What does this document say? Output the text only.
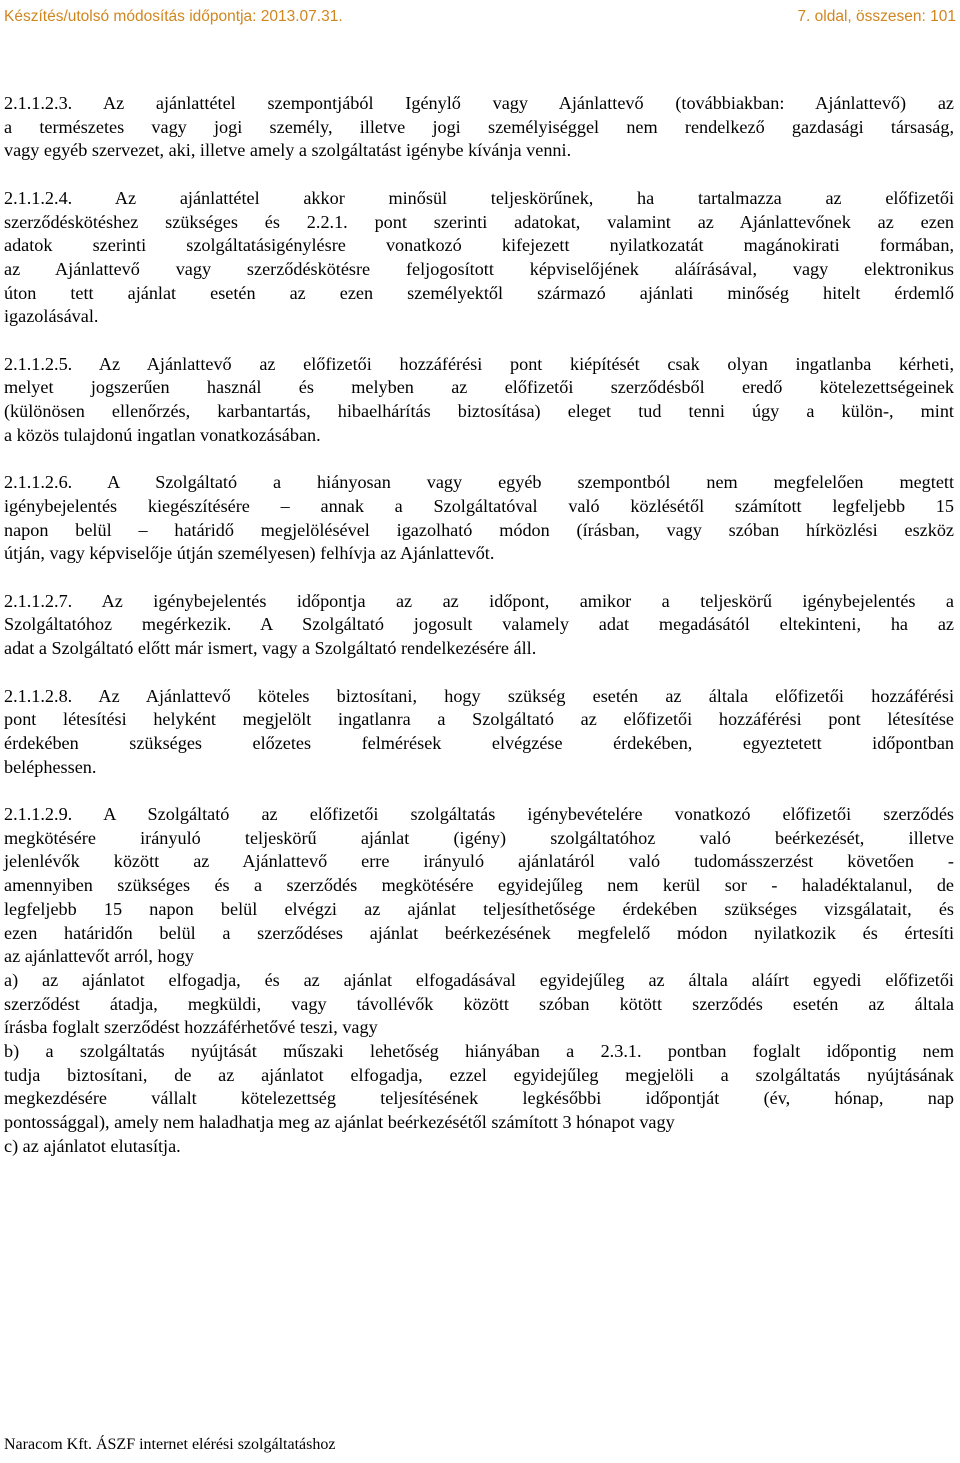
Készítés/utolsó módosítás időpontja: 2013.07.31.	7. oldal, összesen: 101
2.1.1.2.3. Az ajánlattétel szempontjából Igénylő vagy Ajánlattevő (továbbiakban: Ajánlattevő) az
a természetes vagy jogi személy, illetve jogi személyiséggel nem rendelkező gazdasági társaság,
vagy egyéb szervezet, aki, illetve amely a szolgáltatást igénybe kívánja venni.
2.1.1.2.4. Az ajánlattétel akkor minősül teljeskörűnek, ha tartalmazza az előfizetői
szerződéskötéshez szükséges és 2.2.1. pont szerinti adatokat, valamint az Ajánlattevőnek az ezen
adatok szerinti szolgáltatásigénylésre vonatkozó kifejezett nyilatkozatát magánokirati formában,
az Ajánlattevő vagy szerződéskötésre feljogosított képviselőjének aláírásával, vagy elektronikus
úton tett ajánlat esetén az ezen személyektől származó ajánlati minőség hitelt érdemlő
igazolásával.
2.1.1.2.5. Az Ajánlattevő az előfizetői hozzáférési pont kiépítését csak olyan ingatlanba kérheti,
melyet jogszerűen használ és melyben az előfizetői szerződésből eredő kötelezettségeinek
(különösen ellenőrzés, karbantartás, hibaelhárítás biztosítása) eleget tud tenni úgy a külön-, mint
a közös tulajdonú ingatlan vonatkozásában.
2.1.1.2.6. A Szolgáltató a hiányosan vagy egyéb szempontból nem megfelelően megtett
igénybejelentés kiegészítésére – annak a Szolgáltatóval való közlésétől számított legfeljebb 15
napon belül – határidő megjelölésével igazolható módon (írásban, vagy szóban hírközlési eszköz
útján, vagy képviselője útján személyesen) felhívja az Ajánlattevőt.
2.1.1.2.7. Az igénybejelentés időpontja az az időpont, amikor a teljeskörű igénybejelentés a
Szolgáltatóhoz megérkezik. A Szolgáltató jogosult valamely adat megadásától eltekinteni, ha az
adat a Szolgáltató előtt már ismert, vagy a Szolgáltató rendelkezésére áll.
2.1.1.2.8. Az Ajánlattevő köteles biztosítani, hogy szükség esetén az általa előfizetői hozzáférési
pont létesítési helyként megjelölt ingatlanra a Szolgáltató az előfizetői hozzáférési pont létesítése
érdekében szükséges előzetes felmérések elvégzése érdekében, egyeztetett időpontban
beléphessen.
2.1.1.2.9. A Szolgáltató az előfizetői szolgáltatás igénybevételére vonatkozó előfizetői szerződés
megkötésére irányuló teljeskörű ajánlat (igény) szolgáltatóhoz való beérkezését, illetve
jelenlévők között az Ajánlattevő erre irányuló ajánlatáról való tudomásszerzést követően -
amennyiben szükséges és a szerződés megkötésére egyidejűleg nem kerül sor - haladéktalanul, de
legfeljebb 15 napon belül elvégzi az ajánlat teljesíthetősége érdekében szükséges vizsgálatait, és
ezen határidőn belül a szerződéses ajánlat beérkezésének megfelelő módon nyilatkozik és értesíti
az ajánlattevőt arról, hogy
a) az ajánlatot elfogadja, és az ajánlat elfogadásával egyidejűleg az általa aláírt egyedi előfizetői
szerződést átadja, megküldi, vagy távollévők között szóban kötött szerződés esetén az általa
írásba foglalt szerződést hozzáférhetővé teszi, vagy
b) a szolgáltatás nyújtását műszaki lehetőség hiányában a 2.3.1. pontban foglalt időpontig nem
tudja biztosítani, de az ajánlatot elfogadja, ezzel egyidejűleg megjelöli a szolgáltatás nyújtásának
megkezdésére vállalt kötelezettség teljesítésének legkésőbbi időpontját (év, hónap, nap
pontossággal), amely nem haladhatja meg az ajánlat beérkezésétől számított 3 hónapot vagy
c) az ajánlatot elutasítja.
Naracom Kft. ÁSZF internet elérési szolgáltatáshoz
